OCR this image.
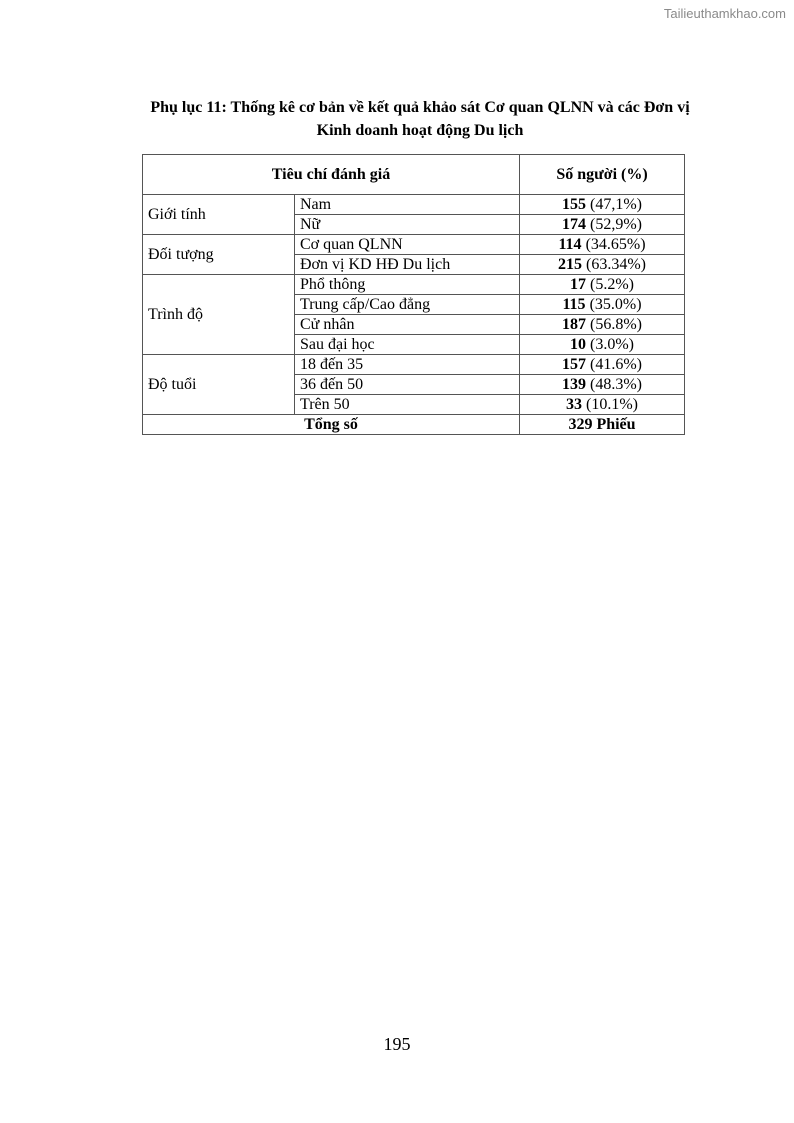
Tailieuthamkhao.com
Phụ lục 11: Thống kê cơ bản về kết quả khảo sát Cơ quan QLNN và các Đơn vị
Kinh doanh hoạt động Du lịch
Tiêu chí đánh giá		Số người (%)
Giới tính	Nam	155 (47,1%)
	Nữ	174 (52,9%)
Đối tượng	Cơ quan QLNN	114 (34.65%)
	Đơn vị KD HĐ Du lịch	215 (63.34%)
Trình độ	Phổ thông	17 (5.2%)
	Trung cấp/Cao đẳng	115 (35.0%)
	Cử nhân	187 (56.8%)
	Sau đại học	10 (3.0%)
Độ tuổi	18 đến 35	157 (41.6%)
	36 đến 50	139 (48.3%)
	Trên 50	33 (10.1%)
Tổng số		329 Phiếu
195
